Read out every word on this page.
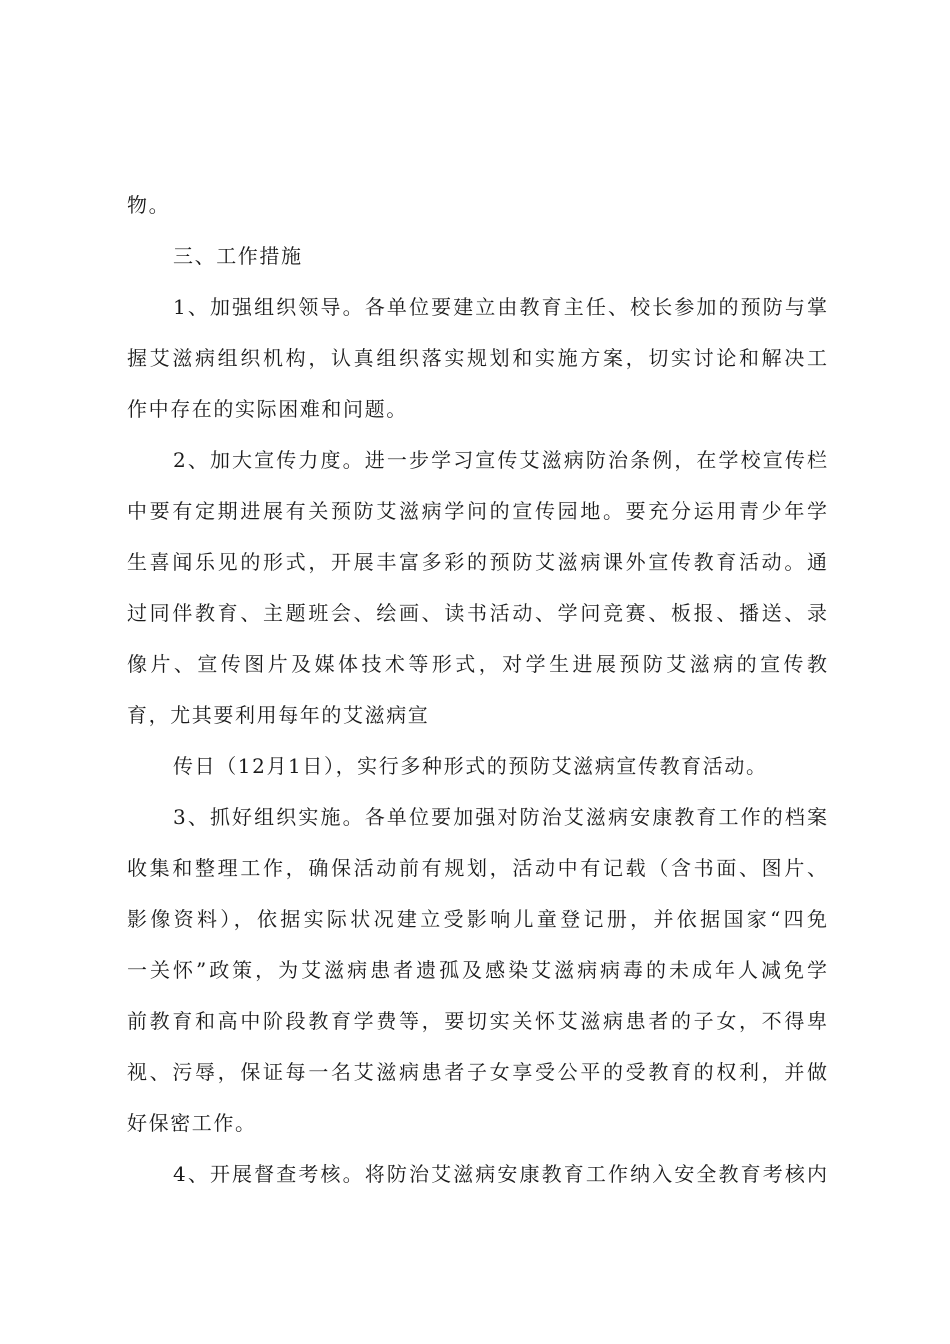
物。
三、工作措施
1、加强组织领导。各单位要建立由教育主任、校长参加的预防与掌
握艾滋病组织机构，认真组织落实规划和实施方案，切实讨论和解决工
作中存在的实际困难和问题。
2、加大宣传力度。进一步学习宣传艾滋病防治条例，在学校宣传栏
中要有定期进展有关预防艾滋病学问的宣传园地。要充分运用青少年学
生喜闻乐见的形式，开展丰富多彩的预防艾滋病课外宣传教育活动。通
过同伴教育、主题班会、绘画、读书活动、学问竞赛、板报、播送、录
像片、宣传图片及媒体技术等形式，对学生进展预防艾滋病的宣传教
育，尤其要利用每年的艾滋病宣
传日（12月1日），实行多种形式的预防艾滋病宣传教育活动。
3、抓好组织实施。各单位要加强对防治艾滋病安康教育工作的档案
收集和整理工作，确保活动前有规划，活动中有记载（含书面、图片、
影像资料），依据实际状况建立受影响儿童登记册，并依据国家“四免
一关怀”政策，为艾滋病患者遗孤及感染艾滋病病毒的未成年人减免学
前教育和高中阶段教育学费等，要切实关怀艾滋病患者的子女，不得卑
视、污辱，保证每一名艾滋病患者子女享受公平的受教育的权利，并做
好保密工作。
4、开展督查考核。将防治艾滋病安康教育工作纳入安全教育考核内
